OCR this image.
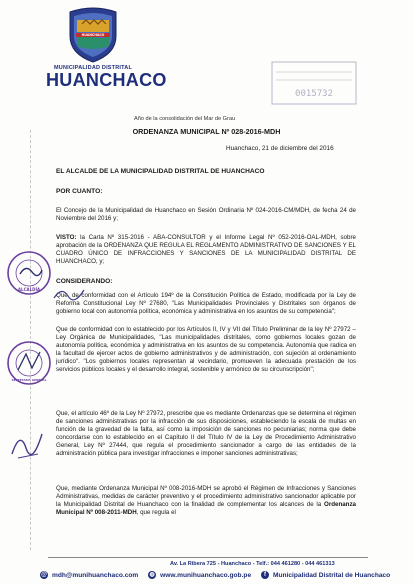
HUANCHACO
MUNICIPALIDAD DISTRITAL
HUANCHACO
0015732
Año de la consolidación del Mar de Grau
ORDENANZA MUNICIPAL Nº 028-2016-MDH
Huanchaco, 21 de diciembre del 2016
EL ALCALDE DE LA MUNICIPALIDAD DISTRITAL DE HUANCHACO
POR CUANTO:
El Concejo de la Municipalidad de Huanchaco en Sesión Ordinaria Nº 024-2016-CM/MDH, de fecha 24 de Noviembre del 2016 y;
VISTO: la Carta Nº 315-2016 - ABA-CONSULTOR y el Informe Legal Nº 052-2016-OAL-MDH, sobre aprobación de la ORDENANZA QUE REGULA EL REGLAMENTO ADMINISTRATIVO DE SANCIONES Y EL CUADRO ÚNICO DE INFRACCIONES Y SANCIONES DE LA MUNICIPALIDAD DISTRITAL DE HUANCHACO, y;
CONSIDERANDO:
Que, de conformidad con el Artículo 194º de la Constitución Política de Estado, modificada por la Ley de Reforma Constitucional Ley Nº 27680, "Las Municipalidades Provinciales y Distritales son órganos de gobierno local con autonomía política, económica y administrativa en los asuntos de su competencia";
Que de conformidad con lo establecido por los Artículos II, IV y VII del Título Preliminar de la ley Nº 27972 – Ley Orgánica de Municipalidades, "Las municipalidades distritales, como gobiernos locales gozan de autonomía política, económica y administrativa en los asuntos de su competencia. Autonomía que radica en la facultad de ejercer actos de gobierno administrativos y de administración, con sujeción al ordenamiento jurídico". "Los gobiernos locales representan al vecindario, promueven la adecuada prestación de los servicios públicos locales y el desarrollo integral, sostenible y armónico de su circunscripción";
Que, el artículo 46º de la Ley Nº 27972, prescribe que es mediante Ordenanzas que se determina el régimen de sanciones administrativas por la infracción de sus disposiciones, estableciendo la escala de multas en función de la gravedad de la falta, así como la imposición de sanciones no pecuniarias; norma que debe concordarse con lo establecido en el Capítulo II del Título IV de la Ley de Procedimiento Administrativo General, Ley Nº 27444, que regula el procedimiento sancionador a cargo de las entidades de la administración pública para investigar infracciones e imponer sanciones administrativas;
Que, mediante Ordenanza Municipal Nº 008-2016-MDH se aprobó el Régimen de Infracciones y Sanciones Administrativas, medidas de carácter preventivo y el procedimiento administrativo sancionador aplicable por la Municipalidad Distrital de Huanchaco con la finalidad de complementar los alcances de la Ordenanza Municipal Nº 008-2011-MDH, que regula el
ALCALDÍA
SECRETARÍA GENERAL
Av. La Ribera 725 - Huanchaco - Telf.: 044 461280 - 044 461313
@ mdh@munihuanchaco.com ◍ www.munihuanchaco.gob.pe f Municipalidad Distrital de Huanchaco
